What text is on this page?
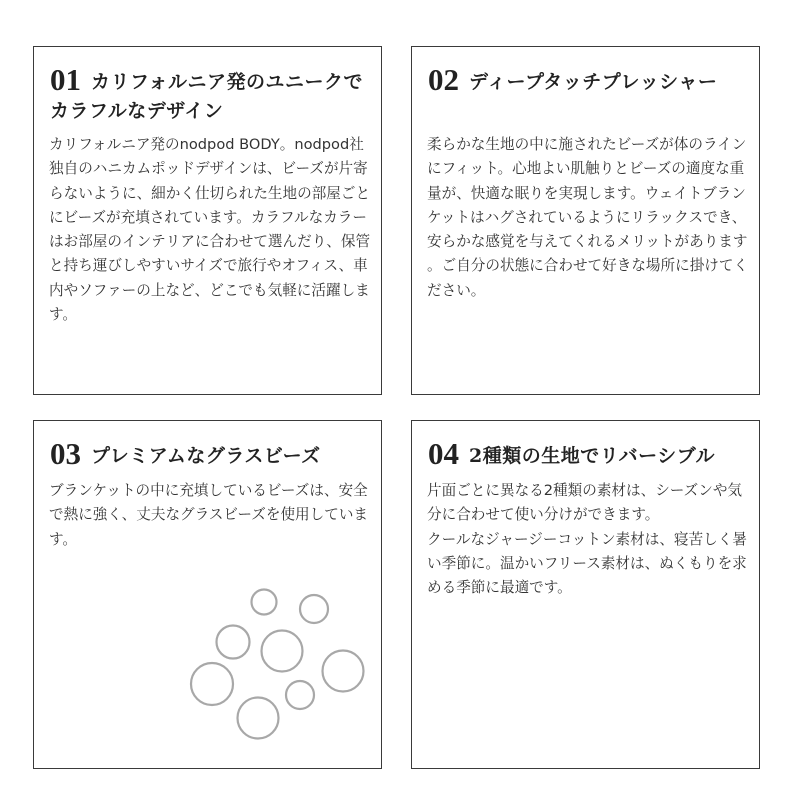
01 カリフォルニア発のユニークでカラフルなデザイン

カリフォルニア発のnodpod BODY。nodpod社独自のハニカムポッドデザインは、ビーズが片寄らないように、細かく仕切られた生地の部屋ごとにビーズが充填されています。カラフルなカラーはお部屋のインテリアに合わせて選んだり、保管と持ち運びしやすいサイズで旅行やオフィス、車内やソファーの上など、どこでも気軽に活躍します。

02 ディープタッチプレッシャー

柔らかな生地の中に施されたビーズが体のラインにフィット。心地よい肌触りとビーズの適度な重量が、快適な眠りを実現します。ウェイトブランケットはハグされているようにリラックスでき、安らかな感覚を与えてくれるメリットがあります。ご自分の状態に合わせて好きな場所に掛けてください。

03 プレミアムなグラスビーズ

ブランケットの中に充填しているビーズは、安全で熱に強く、丈夫なグラスビーズを使用しています。

04 2種類の生地でリバーシブル

片面ごとに異なる2種類の素材は、シーズンや気分に合わせて使い分けができます。
クールなジャージーコットン素材は、寝苦しく暑い季節に。温かいフリース素材は、ぬくもりを求める季節に最適です。
